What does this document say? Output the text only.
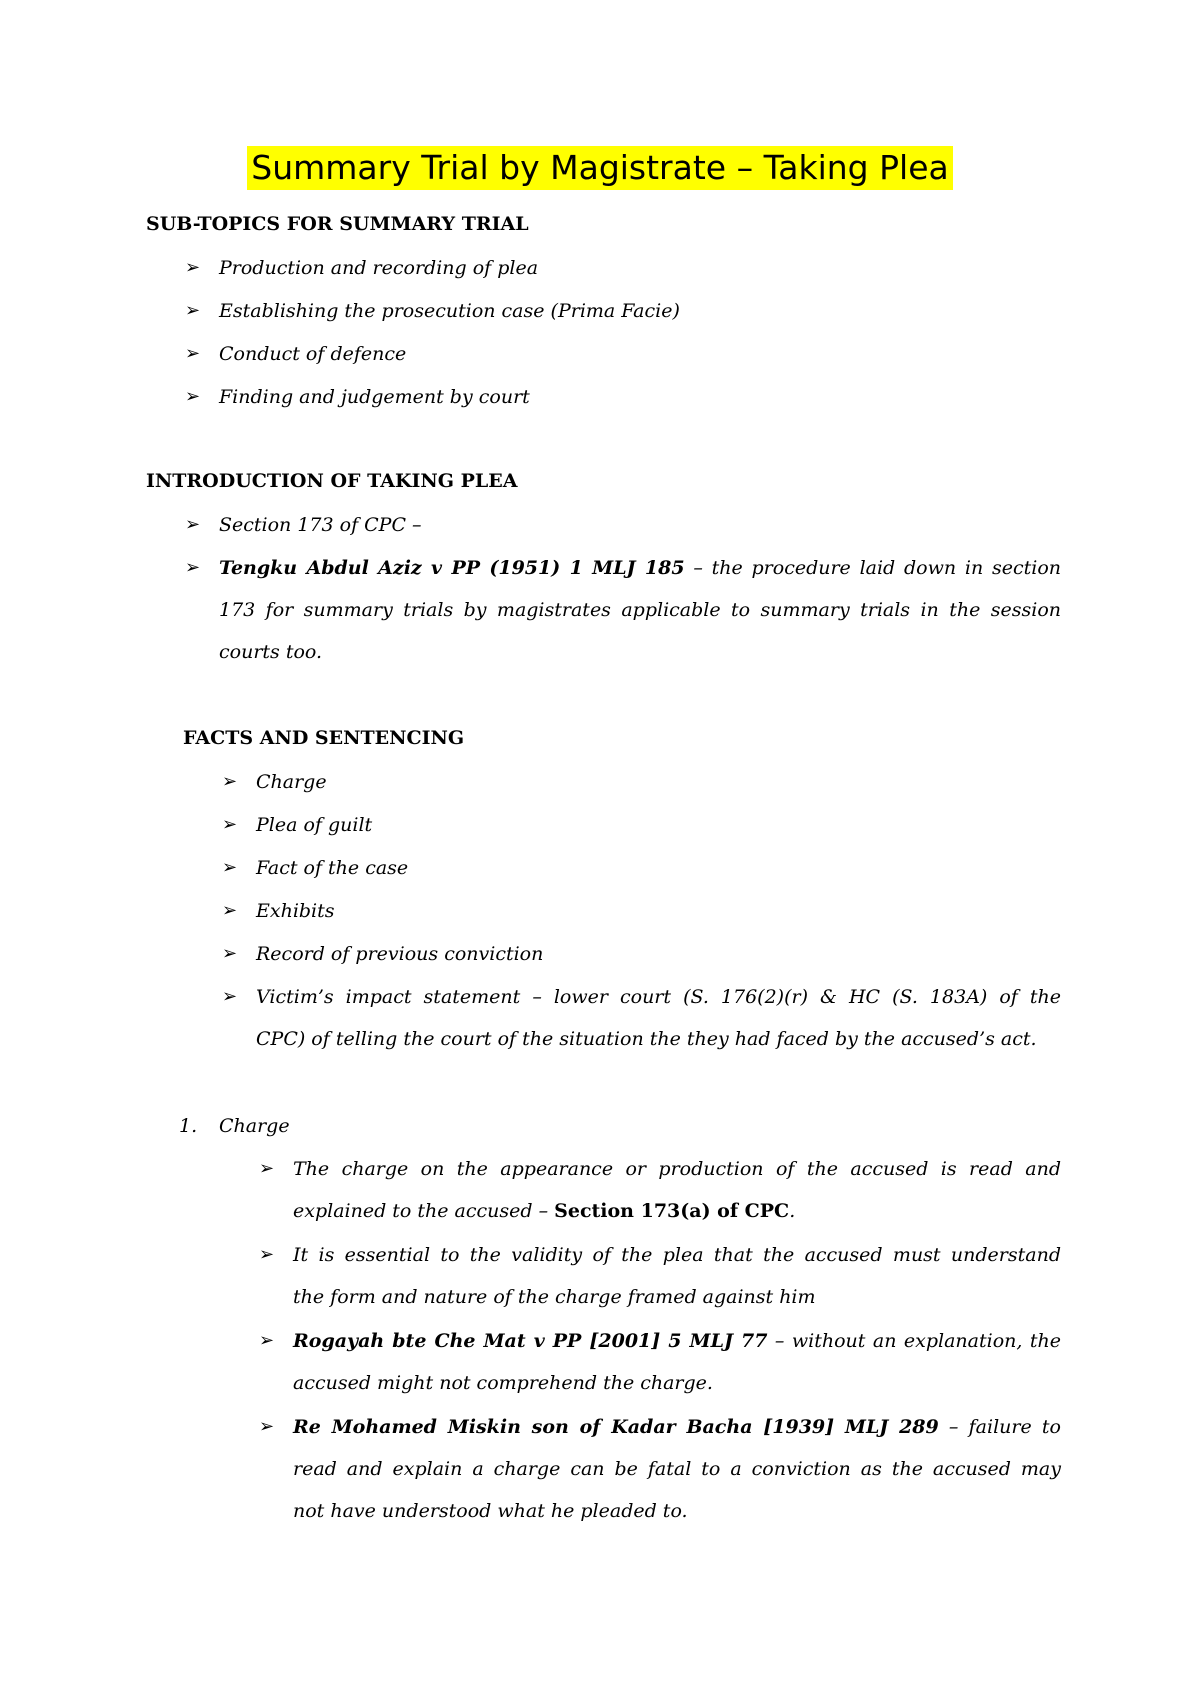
Summary Trial by Magistrate – Taking Plea
SUB-TOPICS FOR SUMMARY TRIAL
➢ Production and recording of plea
➢ Establishing the prosecution case (Prima Facie)
➢ Conduct of defence
➢ Finding and judgement by court
INTRODUCTION OF TAKING PLEA
➢ Section 173 of CPC –
➢ Tengku Abdul Aziz v PP (1951) 1 MLJ 185 – the procedure laid down in section
173 for summary trials by magistrates applicable to summary trials in the session
courts too.
FACTS AND SENTENCING
➢ Charge
➢ Plea of guilt
➢ Fact of the case
➢ Exhibits
➢ Record of previous conviction
➢ Victim’s impact statement – lower court (S. 176(2)(r) & HC (S. 183A) of the
CPC) of telling the court of the situation the they had faced by the accused’s act.
1. Charge
➢ The charge on the appearance or production of the accused is read and
explained to the accused – Section 173(a) of CPC.
➢ It is essential to the validity of the plea that the accused must understand
the form and nature of the charge framed against him
➢ Rogayah bte Che Mat v PP [2001] 5 MLJ 77 – without an explanation, the
accused might not comprehend the charge.
➢ Re Mohamed Miskin son of Kadar Bacha [1939] MLJ 289 – failure to
read and explain a charge can be fatal to a conviction as the accused may
not have understood what he pleaded to.
